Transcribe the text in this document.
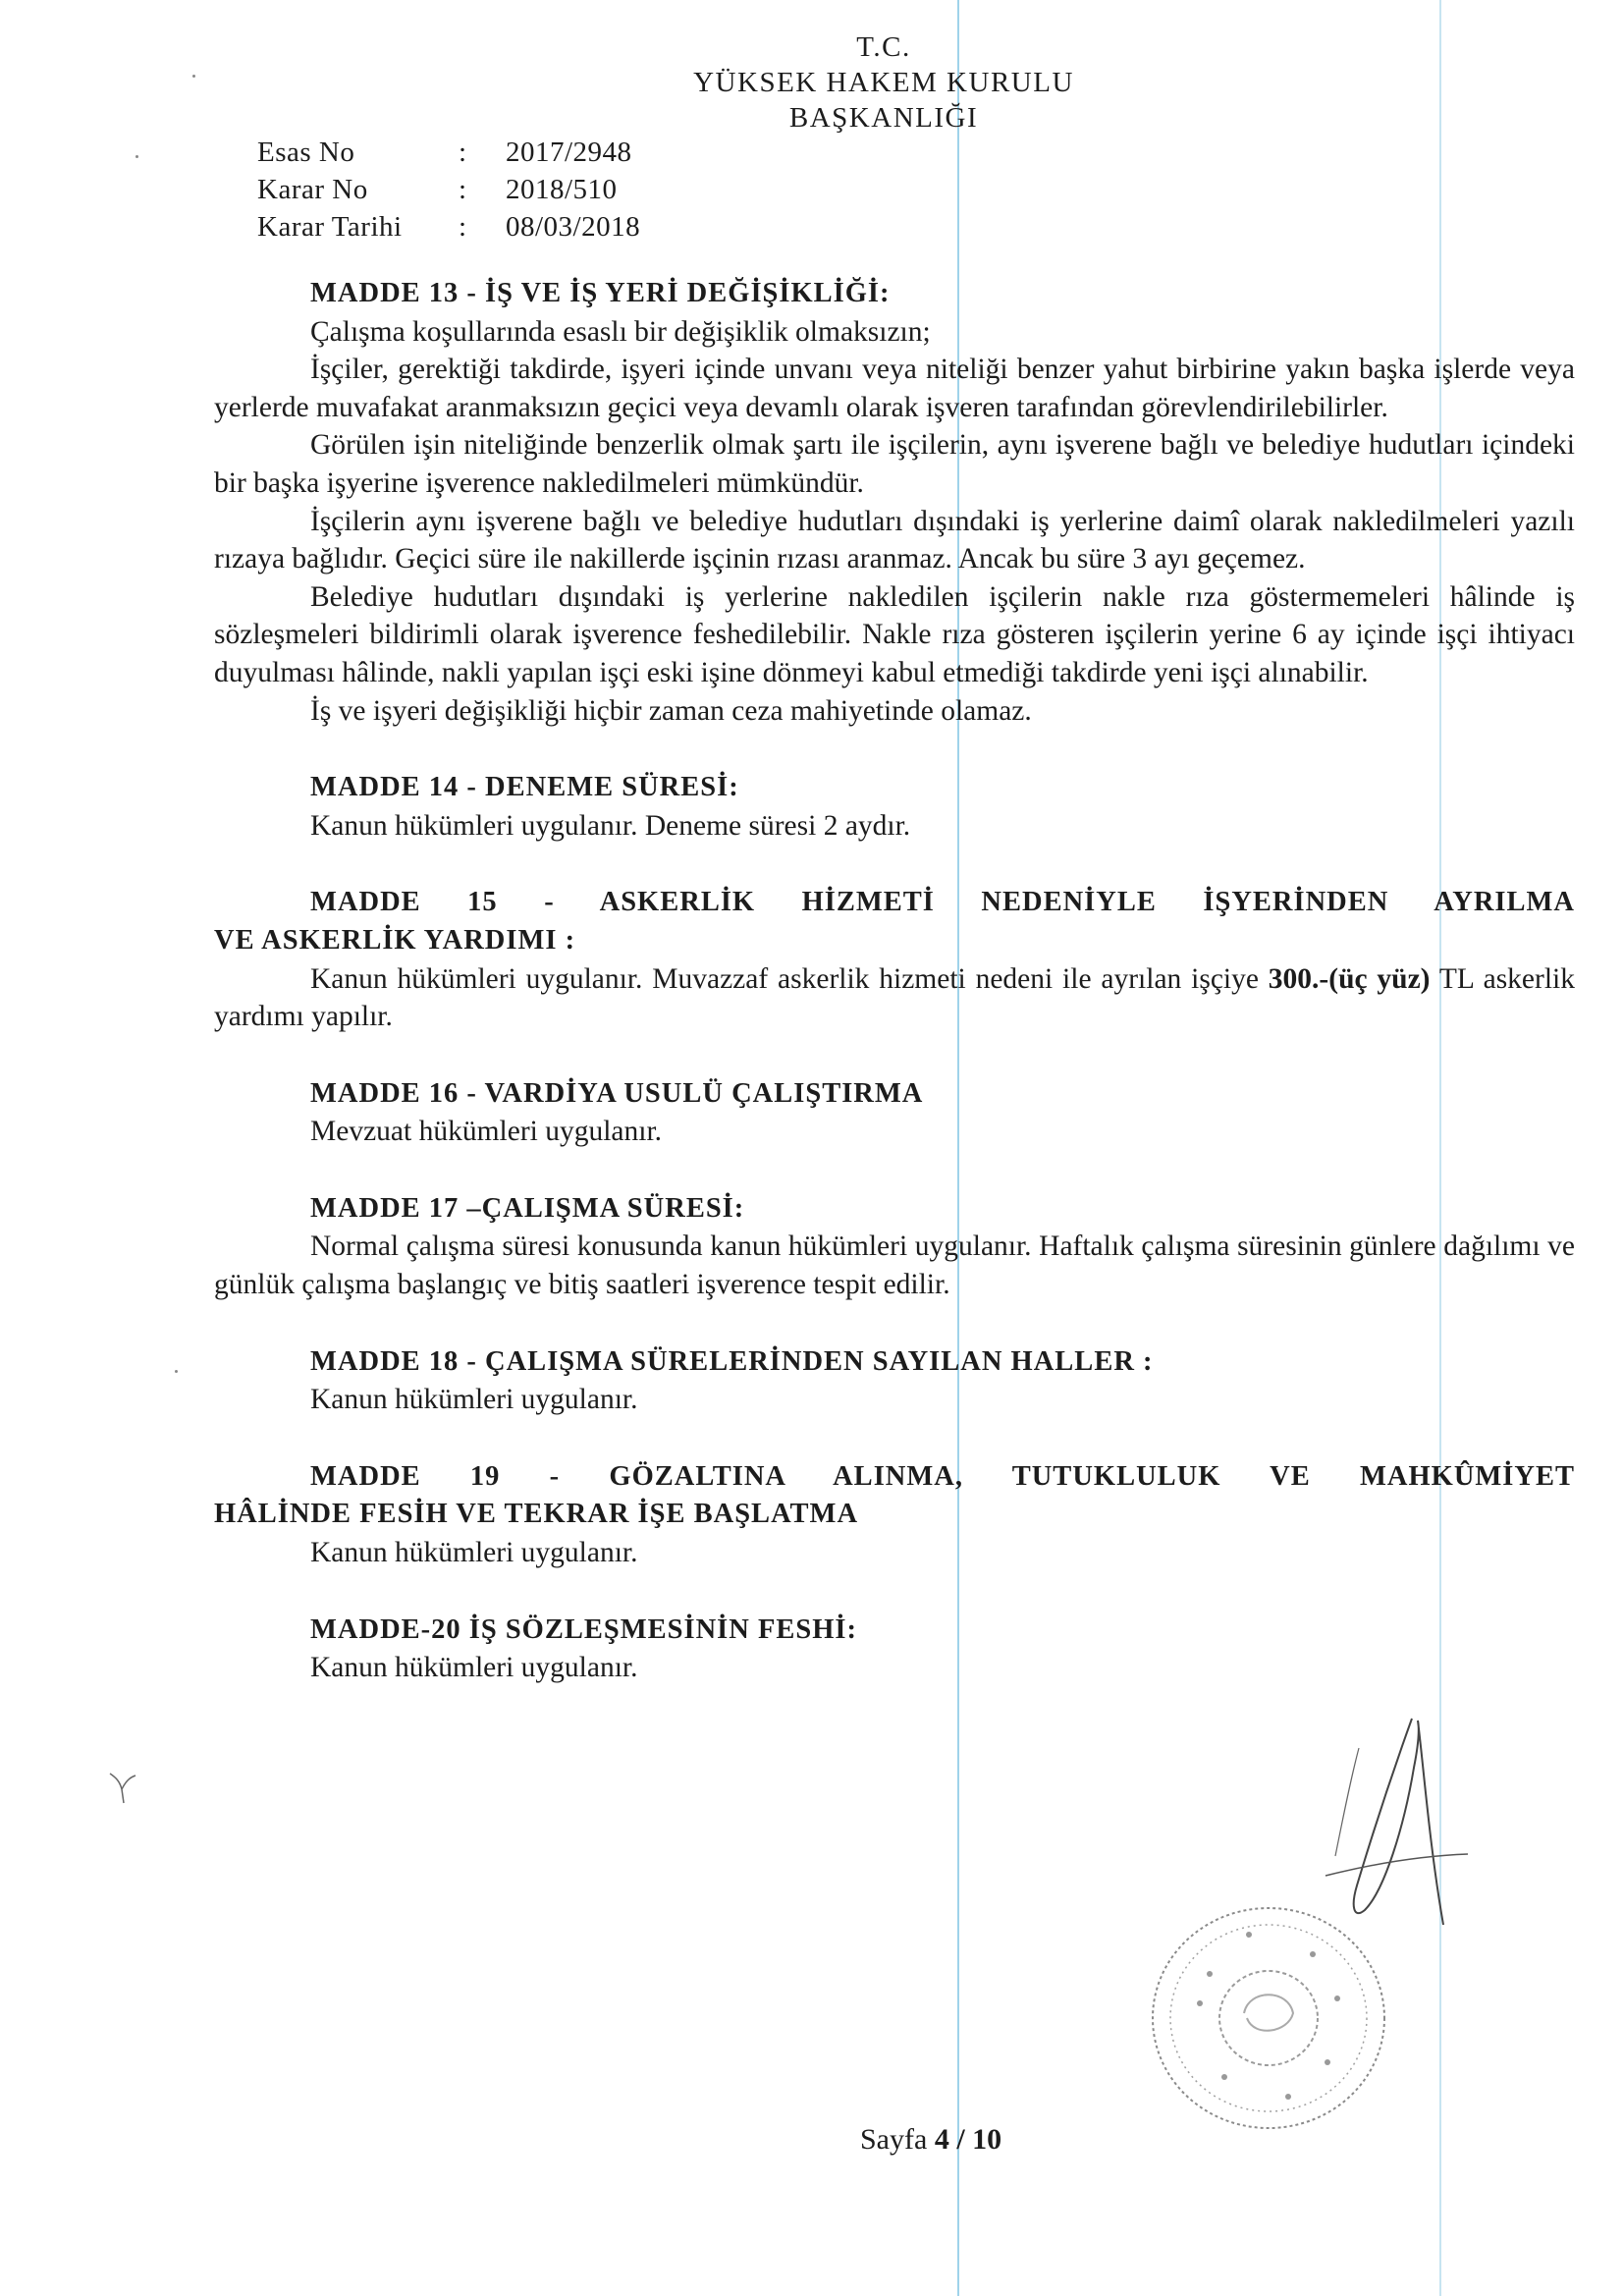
T.C.
YÜKSEK HAKEM KURULU
BAŞKANLIĞI
Esas No	:	2017/2948
Karar No	:	2018/510
Karar Tarihi	:	08/03/2018

MADDE 13 - İŞ VE İŞ YERİ DEĞİŞİKLİĞİ:

Çalışma koşullarında esaslı bir değişiklik olmaksızın;

İşçiler, gerektiği takdirde, işyeri içinde unvanı veya niteliği benzer yahut birbirine yakın başka işlerde veya yerlerde muvafakat aranmaksızın geçici veya devamlı olarak işveren tarafından görevlendirilebilirler.

Görülen işin niteliğinde benzerlik olmak şartı ile işçilerin, aynı işverene bağlı ve belediye hudutları içindeki bir başka işyerine işverence nakledilmeleri mümkündür.

İşçilerin aynı işverene bağlı ve belediye hudutları dışındaki iş yerlerine daimî olarak nakledilmeleri yazılı rızaya bağlıdır. Geçici süre ile nakillerde işçinin rızası aranmaz. Ancak bu süre 3 ayı geçemez.

Belediye hudutları dışındaki iş yerlerine nakledilen işçilerin nakle rıza göstermemeleri hâlinde iş sözleşmeleri bildirimli olarak işverence feshedilebilir. Nakle rıza gösteren işçilerin yerine 6 ay içinde işçi ihtiyacı duyulması hâlinde, nakli yapılan işçi eski işine dönmeyi kabul etmediği takdirde yeni işçi alınabilir.

İş ve işyeri değişikliği hiçbir zaman ceza mahiyetinde olamaz.

MADDE 14 - DENEME SÜRESİ:

Kanun hükümleri uygulanır. Deneme süresi 2 aydır.

MADDE 15 - ASKERLİK HİZMETİ NEDENİYLE İŞYERİNDEN AYRILMA

VE ASKERLİK YARDIMI :

Kanun hükümleri uygulanır. Muvazzaf askerlik hizmeti nedeni ile ayrılan işçiye 300.-(üç yüz) TL askerlik yardımı yapılır.

MADDE 16 - VARDİYA USULÜ ÇALIŞTIRMA

Mevzuat hükümleri uygulanır.

MADDE 17 –ÇALIŞMA SÜRESİ:

Normal çalışma süresi konusunda kanun hükümleri uygulanır. Haftalık çalışma süresinin günlere dağılımı ve günlük çalışma başlangıç ve bitiş saatleri işverence tespit edilir.

MADDE 18 - ÇALIŞMA SÜRELERİNDEN SAYILAN HALLER :

Kanun hükümleri uygulanır.

MADDE 19 - GÖZALTINA ALINMA, TUTUKLULUK VE MAHKÛMİYET

HÂLİNDE FESİH VE TEKRAR İŞE BAŞLATMA

Kanun hükümleri uygulanır.

MADDE-20 İŞ SÖZLEŞMESİNİN FESHİ:

Kanun hükümleri uygulanır.

Sayfa 4 / 10
